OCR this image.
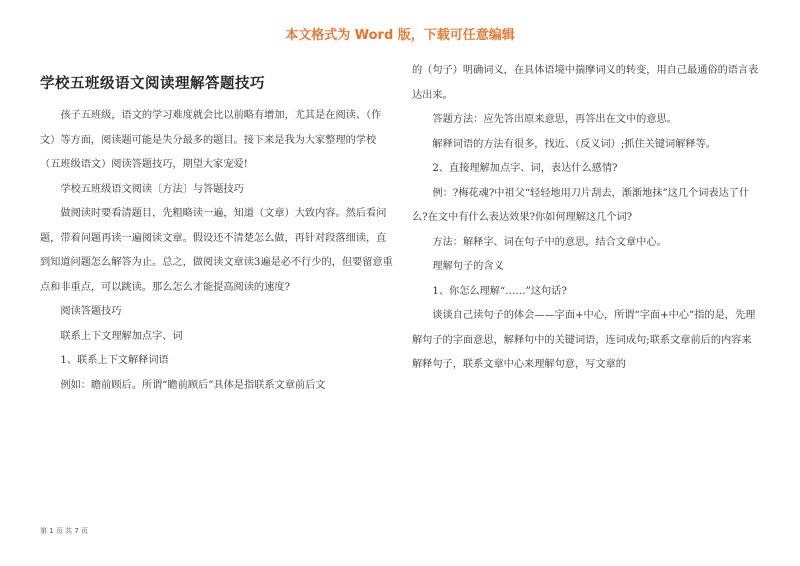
本文格式为 Word 版，下载可任意编辑
学校五班级语文阅读理解答题技巧

孩子五班级，语文的学习难度就会比以前略有增加，尤其是在阅读、（作文）等方面，阅读题可能是失分最多的题目。接下来是我为大家整理的学校（五班级语文）阅读答题技巧，期望大家宠爱!

学校五班级语文阅读〔方法〕与答题技巧

做阅读时要看清题目，先粗略读一遍，知道（文章）大致内容。然后看问题，带着问题再读一遍阅读文章。假设还不清楚怎么做，再针对段落细读，直到知道问题怎么解答为止。总之，做阅读文章读3遍是必不行少的，但要留意重点和非重点，可以跳读。那么怎么才能提高阅读的速度?

阅读答题技巧

联系上下文理解加点字、词

1、联系上下文解释词语

例如：瞻前顾后。所谓“瞻前顾后”具体是指联系文章前后文

的（句子）明确词义，在具体语境中揣摩词义的转变，用自己最通俗的语言表达出来。

答题方法：应先答出原来意思，再答出在文中的意思。

解释词语的方法有很多，找近、（反义词）;抓住关键词解释等。

2、直接理解加点字、词，表达什么感情?

例：?梅花魂?中祖父“轻轻地用刀片刮去，渐渐地抹”这几个词表达了什么?在文中有什么表达效果?你如何理解这几个词?

方法：解释字、词在句子中的意思，结合文章中心。

理解句子的含义

1、你怎么理解“……”这句话?

谈谈自己读句子的体会——字面+中心，所谓“字面+中心”指的是，先理解句子的字面意思，解释句中的关键词语，连词成句;联系文章前后的内容来解释句子，联系文章中心来理解句意，写文章的

第 1 页 共 7 页
